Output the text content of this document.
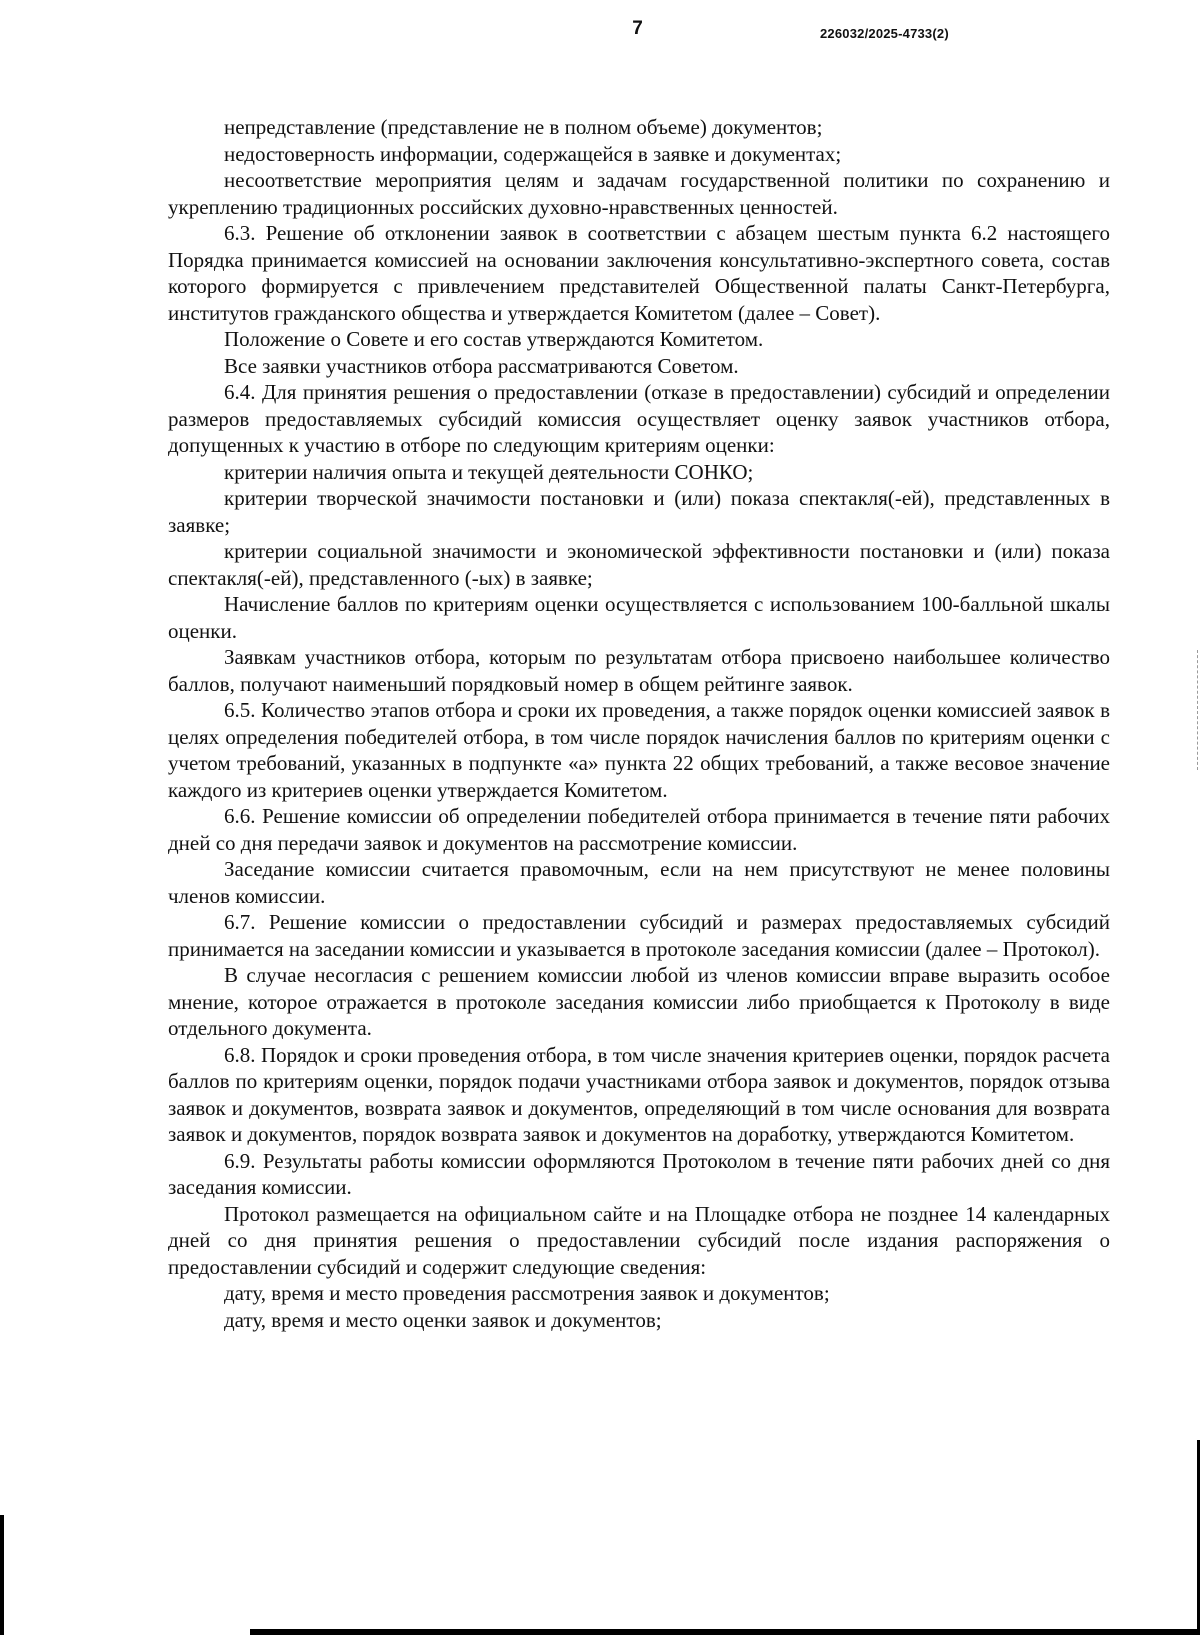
7	226032/2025-4733(2)

непредставление (представление не в полном объеме) документов;

недостоверность информации, содержащейся в заявке и документах;

несоответствие мероприятия целям и задачам государственной политики по сохранению и укреплению традиционных российских духовно-нравственных ценностей.

6.3. Решение об отклонении заявок в соответствии с абзацем шестым пункта 6.2 настоящего Порядка принимается комиссией на основании заключения консультативно-экспертного совета, состав которого формируется с привлечением представителей Общественной палаты Санкт-Петербурга, институтов гражданского общества и утверждается Комитетом (далее – Совет).

Положение о Совете и его состав утверждаются Комитетом.

Все заявки участников отбора рассматриваются Советом.

6.4. Для принятия решения о предоставлении (отказе в предоставлении) субсидий и определении размеров предоставляемых субсидий комиссия осуществляет оценку заявок участников отбора, допущенных к участию в отборе по следующим критериям оценки:

критерии наличия опыта и текущей деятельности СОНКО;

критерии творческой значимости постановки и (или) показа спектакля(-ей), представленных в заявке;

критерии социальной значимости и экономической эффективности постановки и (или) показа спектакля(-ей), представленного (-ых) в заявке;

Начисление баллов по критериям оценки осуществляется с использованием 100-балльной шкалы оценки.

Заявкам участников отбора, которым по результатам отбора присвоено наибольшее количество баллов, получают наименьший порядковый номер в общем рейтинге заявок.

6.5. Количество этапов отбора и сроки их проведения, а также порядок оценки комиссией заявок в целях определения победителей отбора, в том числе порядок начисления баллов по критериям оценки с учетом требований, указанных в подпункте «а» пункта 22 общих требований, а также весовое значение каждого из критериев оценки утверждается Комитетом.

6.6. Решение комиссии об определении победителей отбора принимается в течение пяти рабочих дней со дня передачи заявок и документов на рассмотрение комиссии.

Заседание комиссии считается правомочным, если на нем присутствуют не менее половины членов комиссии.

6.7. Решение комиссии о предоставлении субсидий и размерах предоставляемых субсидий принимается на заседании комиссии и указывается в протоколе заседания комиссии (далее – Протокол).

В случае несогласия с решением комиссии любой из членов комиссии вправе выразить особое мнение, которое отражается в протоколе заседания комиссии либо приобщается к Протоколу в виде отдельного документа.

6.8. Порядок и сроки проведения отбора, в том числе значения критериев оценки, порядок расчета баллов по критериям оценки, порядок подачи участниками отбора заявок и документов, порядок отзыва заявок и документов, возврата заявок и документов, определяющий в том числе основания для возврата заявок и документов, порядок возврата заявок и документов на доработку, утверждаются Комитетом.

6.9. Результаты работы комиссии оформляются Протоколом в течение пяти рабочих дней со дня заседания комиссии.

Протокол размещается на официальном сайте и на Площадке отбора не позднее 14 календарных дней со дня принятия решения о предоставлении субсидий после издания распоряжения о предоставлении субсидий и содержит следующие сведения:

дату, время и место проведения рассмотрения заявок и документов;

дату, время и место оценки заявок и документов;
